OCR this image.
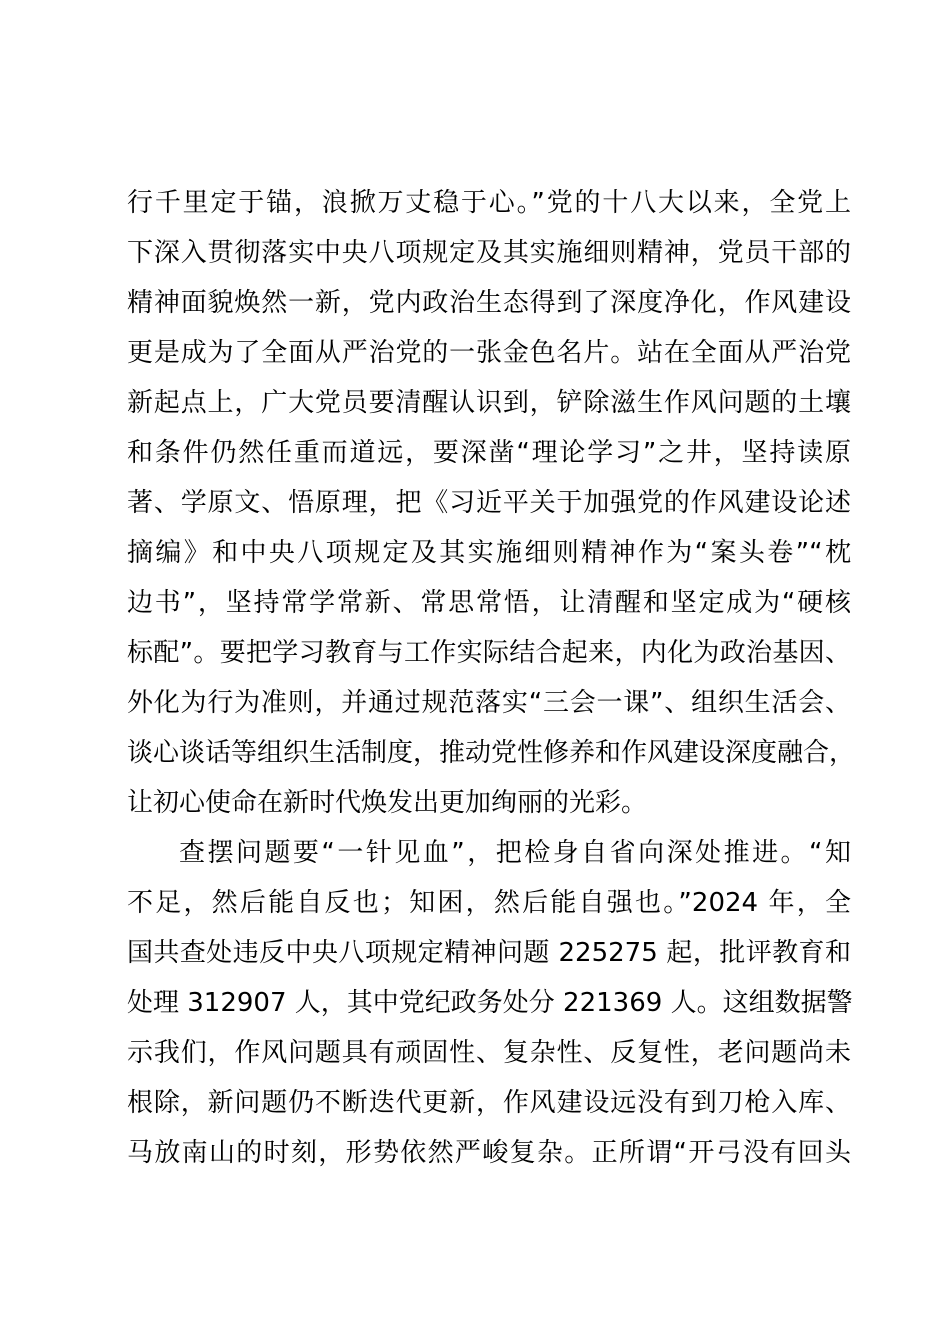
行千里定于锚，浪掀万丈稳于心。”党的十八大以来，全党上
下深入贯彻落实中央八项规定及其实施细则精神，党员干部的
精神面貌焕然一新，党内政治生态得到了深度净化，作风建设
更是成为了全面从严治党的一张金色名片。站在全面从严治党
新起点上，广大党员要清醒认识到，铲除滋生作风问题的土壤
和条件仍然任重而道远，要深凿“理论学习”之井，坚持读原
著、学原文、悟原理，把《习近平关于加强党的作风建设论述
摘编》和中央八项规定及其实施细则精神作为“案头卷”“枕
边书”，坚持常学常新、常思常悟，让清醒和坚定成为“硬核
标配”。要把学习教育与工作实际结合起来，内化为政治基因、
外化为行为准则，并通过规范落实“三会一课”、组织生活会、
谈心谈话等组织生活制度，推动党性修养和作风建设深度融合，
让初心使命在新时代焕发出更加绚丽的光彩。
查摆问题要“一针见血”，把检身自省向深处推进。“知
不足，然后能自反也；知困，然后能自强也。”2024 年，全
国共查处违反中央八项规定精神问题 225275 起，批评教育和
处理 312907 人，其中党纪政务处分 221369 人。这组数据警
示我们，作风问题具有顽固性、复杂性、反复性，老问题尚未
根除，新问题仍不断迭代更新，作风建设远没有到刀枪入库、
马放南山的时刻，形势依然严峻复杂。正所谓“开弓没有回头
